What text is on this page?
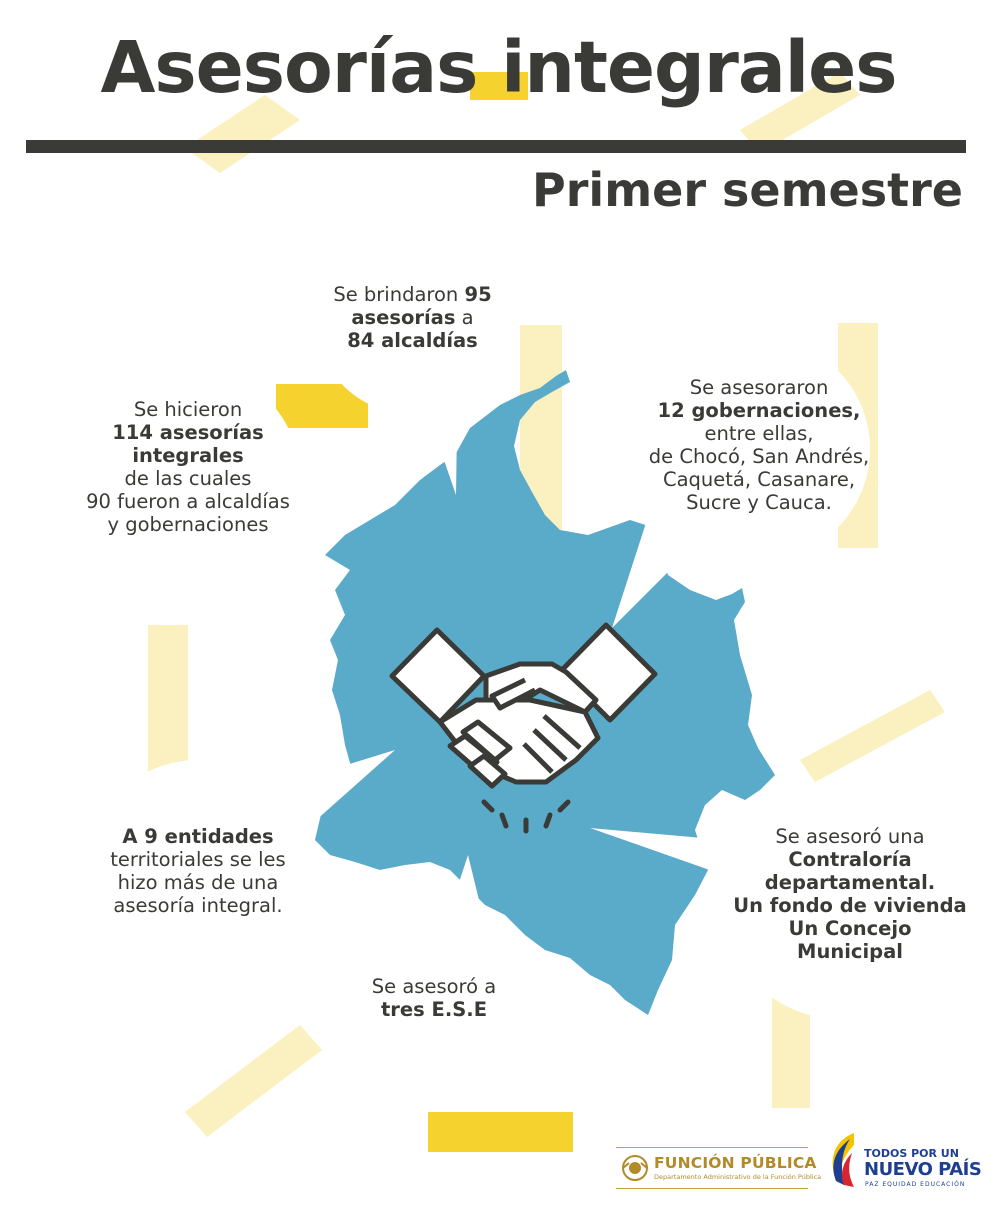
Asesorías integrales
Primer semestre
Se brindaron 95
asesorías a
84 alcaldías
Se hicieron
114 asesorías
integrales
de las cuales
90 fueron a alcaldías
y gobernaciones
Se asesoraron
12 gobernaciones,
entre ellas,
de Chocó, San Andrés,
Caquetá, Casanare,
Sucre y Cauca.
A 9 entidades
territoriales se les
hizo más de una
asesoría integral.
Se asesoró a
tres E.S.E
Se asesoró una
Contraloría
departamental.
Un fondo de vivienda
Un Concejo
Municipal
FUNCIÓN PÚBLICA
Departamento Administrativo de la Función Pública
TODOS POR UN
NUEVO PAÍS
PAZ EQUIDAD EDUCACIÓN
